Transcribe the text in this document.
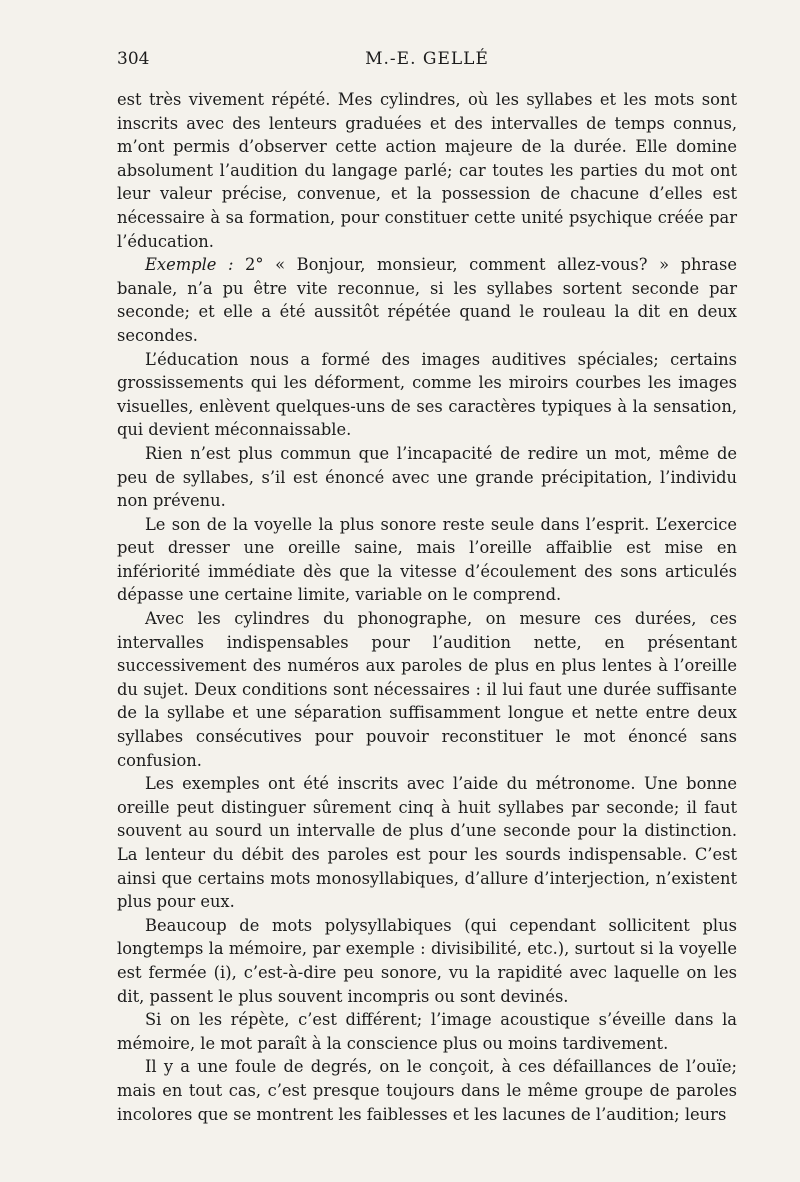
304	M.-E. GELLÉ

est très vivement répété. Mes cylindres, où les syllabes et les mots sont inscrits avec des lenteurs graduées et des intervalles de temps connus, m’ont permis d’observer cette action majeure de la durée. Elle domine absolument l’audition du langage parlé; car toutes les parties du mot ont leur valeur précise, convenue, et la possession de chacune d’elles est nécessaire à sa formation, pour constituer cette unité psychique créée par l’éducation.

Exemple : 2° « Bonjour, monsieur, comment allez-vous? » phrase banale, n’a pu être vite reconnue, si les syllabes sortent seconde par seconde; et elle a été aussitôt répétée quand le rouleau la dit en deux secondes.

L’éducation nous a formé des images auditives spéciales; certains grossissements qui les déforment, comme les miroirs courbes les images visuelles, enlèvent quelques-uns de ses caractères typiques à la sensation, qui devient méconnaissable.

Rien n’est plus commun que l’incapacité de redire un mot, même de peu de syllabes, s’il est énoncé avec une grande précipitation, l’individu non prévenu.

Le son de la voyelle la plus sonore reste seule dans l’esprit. L’exercice peut dresser une oreille saine, mais l’oreille affaiblie est mise en infériorité immédiate dès que la vitesse d’écoulement des sons articulés dépasse une certaine limite, variable on le comprend.

Avec les cylindres du phonographe, on mesure ces durées, ces intervalles indispensables pour l’audition nette, en présentant successivement des numéros aux paroles de plus en plus lentes à l’oreille du sujet. Deux conditions sont nécessaires : il lui faut une durée suffisante de la syllabe et une séparation suffisamment longue et nette entre deux syllabes consécutives pour pouvoir reconstituer le mot énoncé sans confusion.

Les exemples ont été inscrits avec l’aide du métronome. Une bonne oreille peut distinguer sûrement cinq à huit syllabes par seconde; il faut souvent au sourd un intervalle de plus d’une seconde pour la distinction. La lenteur du débit des paroles est pour les sourds indispensable. C’est ainsi que certains mots monosyllabiques, d’allure d’interjection, n’existent plus pour eux.

Beaucoup de mots polysyllabiques (qui cependant sollicitent plus longtemps la mémoire, par exemple : divisibilité, etc.), surtout si la voyelle est fermée (i), c’est-à-dire peu sonore, vu la rapidité avec laquelle on les dit, passent le plus souvent incompris ou sont devinés.

Si on les répète, c’est différent; l’image acoustique s’éveille dans la mémoire, le mot paraît à la conscience plus ou moins tardivement.

Il y a une foule de degrés, on le conçoit, à ces défaillances de l’ouïe; mais en tout cas, c’est presque toujours dans le même groupe de paroles incolores que se montrent les faiblesses et les lacunes de l’audition; leurs
